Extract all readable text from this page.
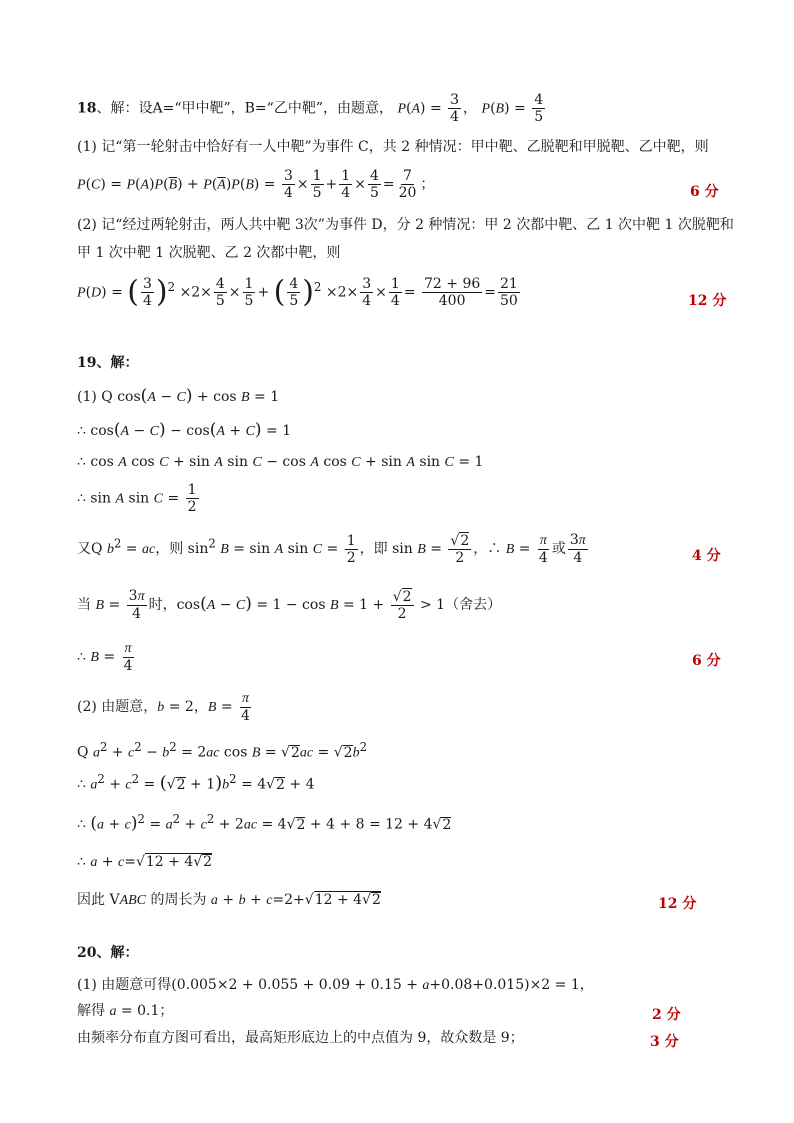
18、解：设A=“甲中靶”，B=“乙中靶”，由题意， $P(A) = \frac{3}{4}$ ， $P(B) = \frac{4}{5}$
(1) 记“第一轮射击中恰好有一人中靶”为事件 C，共 2 种情况：甲中靶、乙脱靶和甲脱靶、乙中靶，则
$P(C) = P(A)P(\overline{B}) + P(\overline{A})P(B) = \frac{3}{4} \times \frac{1}{5} + \frac{1}{4} \times \frac{4}{5} = \frac{7}{20}$ ；	6 分
(2) 记“经过两轮射击，两人共中靶 3次”为事件 D，分 2 种情况：甲 2 次都中靶、乙 1 次中靶 1 次脱靶和
甲 1 次中靶 1 次脱靶、乙 2 次都中靶，则
P(D) = ( $\frac{3}{4} )^2 \times 2\times \frac{4}{5} \times \frac{1}{5}$ + ( $\frac{4}{5} )^2 \times 2\times \frac{3}{4} \times \frac{1}{4} = \frac{72 + 96}{400} = \frac{21}{50}$	12 分
19、解：
(1) Q cos(A − C) + cos B = 1
∴ cos(A − C) − cos(A + C) = 1
∴ cos A cos C + sin A sin C − cos A cos C + sin A sin C = 1
∴ sin A $\sin C = \frac{1}{2}$
又Q $b^2$ = ac，则 $\sin^2 B = \sin A$ $\sin C = \frac{1}{2}$ ，即 $\sin B = \frac{√2}{2}$ ，∴ $B = \frac{\pi}{4}$ 或 $\frac{3\pi}{4}$	4 分
当 $B = \frac{3\pi}{4}$ 时，$\cos(A - C) = 1 - \cos B = 1 + \frac{√2}{2} > 1$（舍去）
∴ $B = \frac{\pi}{4}$	6 分
(2) 由题意，b = 2，$B = \frac{\pi}{4}$
Q $a^2 + c^2 - b^2 = 2ac$ $\cos B = √2ac = √2b^2$
∴ $a^2 + c^2 = (√2 + 1)b^2 = 4√2 + 4$
∴ $(a + c)^2 = a^2 + c^2 + 2ac = 4√2 + 4 + 8 = 12 + 4√2$
∴ a + c=√12 + 4√2
因此 VABC 的周长为 a + b + c=2+√12 + 4√2	12 分
20、解：
(1) 由题意可得(0.005×2 + 0.055 + 0.09 + 0.15 + a+0.08+0.015)×2 = 1，
解得 a = 0.1；	2 分
由频率分布直方图可看出，最高矩形底边上的中点值为 9，故众数是 9；	3 分
